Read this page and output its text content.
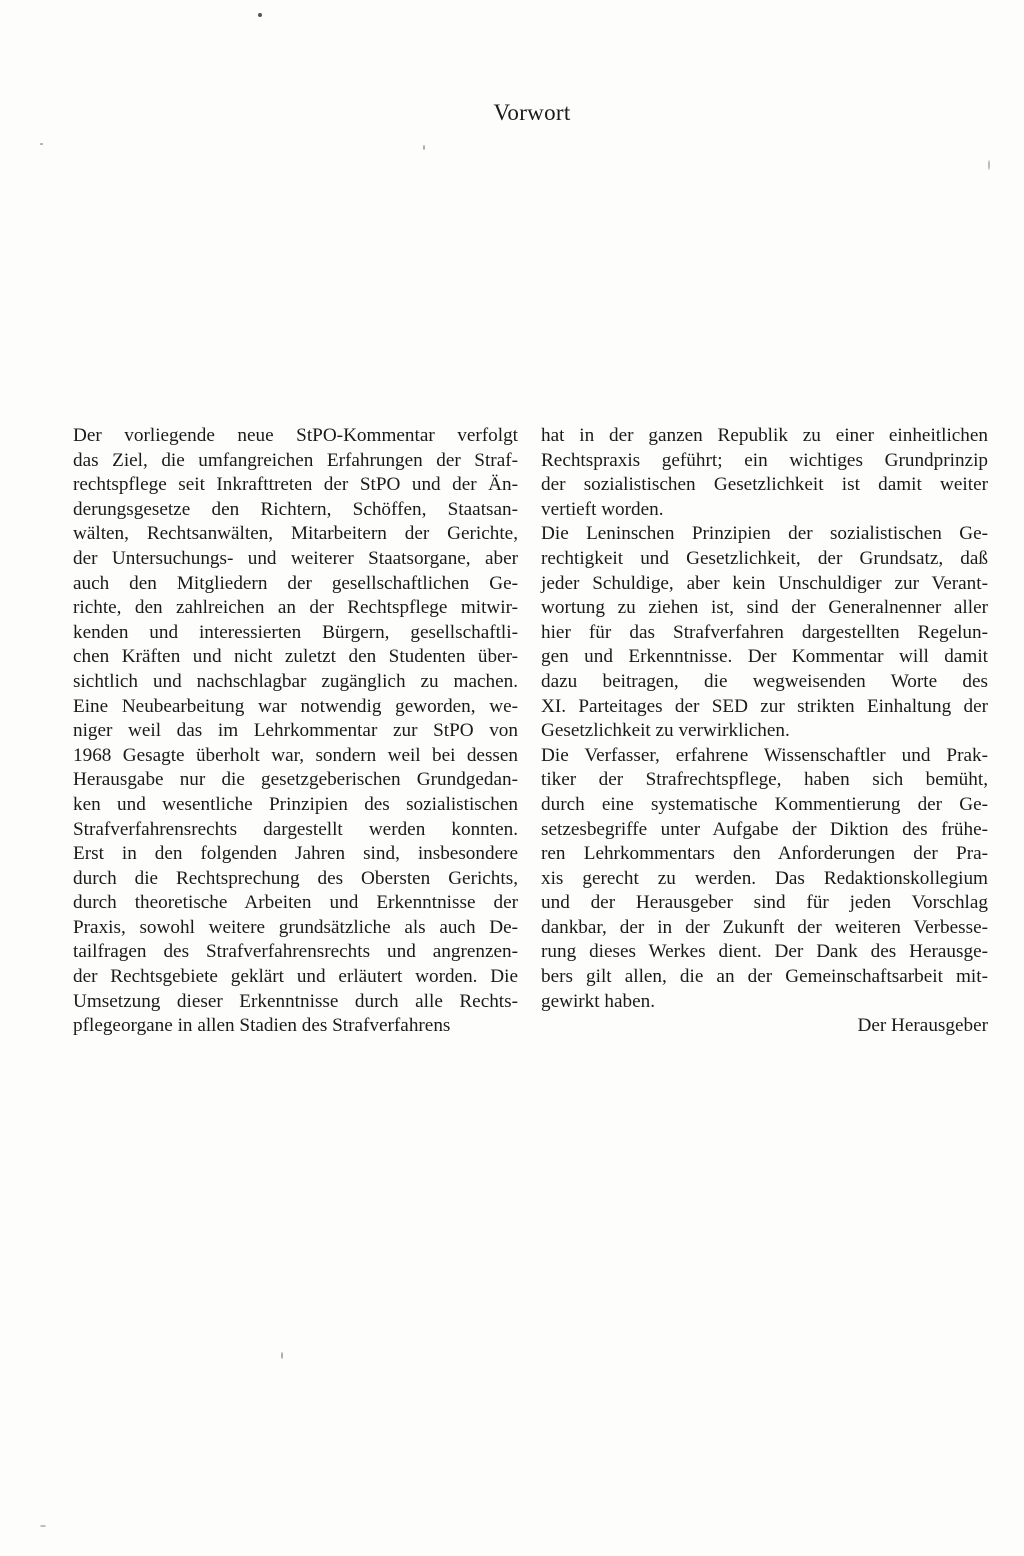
Vorwort
Der vorliegende neue StPO-Kommentar verfolgt
das Ziel, die umfangreichen Erfahrungen der Straf-
rechtspflege seit Inkrafttreten der StPO und der Än-
derungsgesetze den Richtern, Schöffen, Staatsan-
wälten, Rechtsanwälten, Mitarbeitern der Gerichte,
der Untersuchungs- und weiterer Staatsorgane, aber
auch den Mitgliedern der gesellschaftlichen Ge-
richte, den zahlreichen an der Rechtspflege mitwir-
kenden und interessierten Bürgern, gesellschaftli-
chen Kräften und nicht zuletzt den Studenten über-
sichtlich und nachschlagbar zugänglich zu machen.
Eine Neubearbeitung war notwendig geworden, we-
niger weil das im Lehrkommentar zur StPO von
1968 Gesagte überholt war, sondern weil bei dessen
Herausgabe nur die gesetzgeberischen Grundgedan-
ken und wesentliche Prinzipien des sozialistischen
Strafverfahrensrechts dargestellt werden konnten.
Erst in den folgenden Jahren sind, insbesondere
durch die Rechtsprechung des Obersten Gerichts,
durch theoretische Arbeiten und Erkenntnisse der
Praxis, sowohl weitere grundsätzliche als auch De-
tailfragen des Strafverfahrensrechts und angrenzen-
der Rechtsgebiete geklärt und erläutert worden. Die
Umsetzung dieser Erkenntnisse durch alle Rechts-
pflegeorgane in allen Stadien des Strafverfahrens
hat in der ganzen Republik zu einer einheitlichen
Rechtspraxis geführt; ein wichtiges Grundprinzip
der sozialistischen Gesetzlichkeit ist damit weiter
vertieft worden.
Die Leninschen Prinzipien der sozialistischen Ge-
rechtigkeit und Gesetzlichkeit, der Grundsatz, daß
jeder Schuldige, aber kein Unschuldiger zur Verant-
wortung zu ziehen ist, sind der Generalnenner aller
hier für das Strafverfahren dargestellten Regelun-
gen und Erkenntnisse. Der Kommentar will damit
dazu beitragen, die wegweisenden Worte des
XI. Parteitages der SED zur strikten Einhaltung der
Gesetzlichkeit zu verwirklichen.
Die Verfasser, erfahrene Wissenschaftler und Prak-
tiker der Strafrechtspflege, haben sich bemüht,
durch eine systematische Kommentierung der Ge-
setzesbegriffe unter Aufgabe der Diktion des frühe-
ren Lehrkommentars den Anforderungen der Pra-
xis gerecht zu werden. Das Redaktionskollegium
und der Herausgeber sind für jeden Vorschlag
dankbar, der in der Zukunft der weiteren Verbesse-
rung dieses Werkes dient. Der Dank des Herausge-
bers gilt allen, die an der Gemeinschaftsarbeit mit-
gewirkt haben.
Der Herausgeber
